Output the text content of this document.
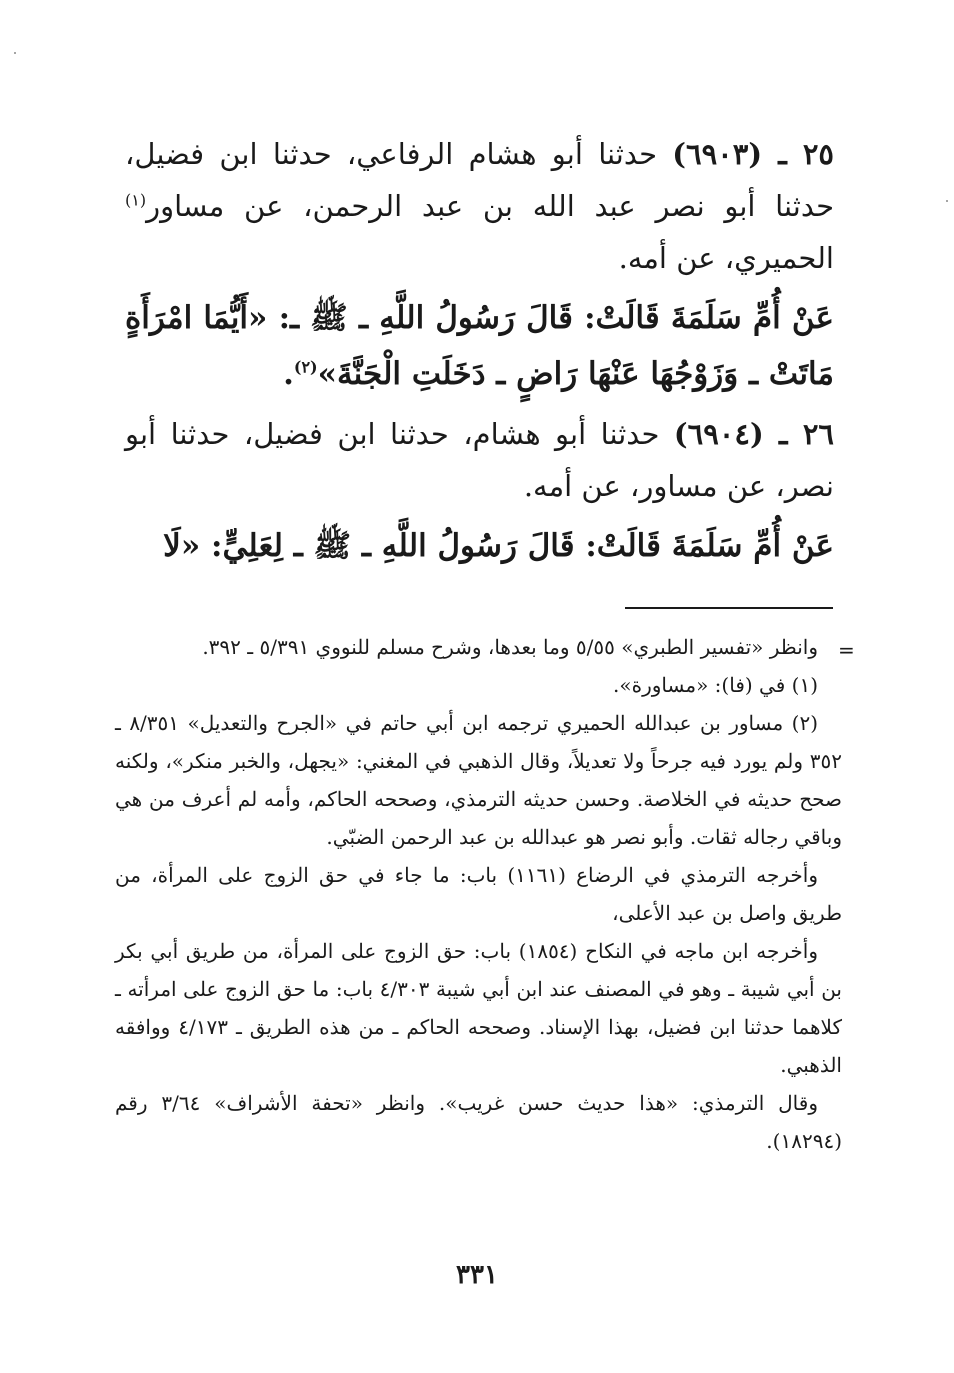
٢٥ ـ (٦٩٠٣) حدثنا أبو هشام الرفاعي، حدثنا ابن فضيل، حدثنا أبو نصر عبد الله بن عبد الرحمن، عن مساور$^{(١)}$ الحميري، عن أمه.

عَنْ أُمِّ سَلَمَةَ قَالَتْ: قَالَ رَسُولُ اللَّهِ ـ ﷺ ـ: «أَيُّمَا امْرَأَةٍ مَاتَتْ ـ وَزَوْجُهَا عَنْهَا رَاضٍ ـ دَخَلَتِ الْجَنَّةَ»$^{(٢)}$.

٢٦ ـ (٦٩٠٤) حدثنا أبو هشام، حدثنا ابن فضيل، حدثنا أبو نصر، عن مساور، عن أمه.

عَنْ أُمِّ سَلَمَةَ قَالَتْ: قَالَ رَسُولُ اللَّهِ ـ ﷺ ـ لِعَلِيٍّ: «لَا

=

وانظر «تفسير الطبري» ٥/٥٥ وما بعدها، وشرح مسلم للنووي ٥/٣٩١ ـ ٣٩٢.

(١) في (فا): «مساورة».

(٢) مساور بن عبدالله الحميري ترجمه ابن أبي حاتم في «الجرح والتعديل» ٨/٣٥١ ـ ٣٥٢ ولم يورد فيه جرحاً ولا تعديلاً، وقال الذهبي في المغني: «يجهل، والخبر منكر»، ولكنه صحح حديثه في الخلاصة. وحسن حديثه الترمذي، وصححه الحاكم، وأمه لم أعرف من هي وباقي رجاله ثقات. وأبو نصر هو عبدالله بن عبد الرحمن الضبّي.

وأخرجه الترمذي في الرضاع (١١٦١) باب: ما جاء في حق الزوج على المرأة، من طريق واصل بن عبد الأعلى،

وأخرجه ابن ماجه في النكاح (١٨٥٤) باب: حق الزوج على المرأة، من طريق أبي بكر بن أبي شيبة ـ وهو في المصنف عند ابن أبي شيبة ٤/٣٠٣ باب: ما حق الزوج على امرأته ـ كلاهما حدثنا ابن فضيل، بهذا الإسناد. وصححه الحاكم ـ من هذه الطريق ـ ٤/١٧٣ ووافقه الذهبي.

وقال الترمذي: «هذا حديث حسن غريب». وانظر «تحفة الأشراف» ٣/٦٤ رقم (١٨٢٩٤).

٣٣١
